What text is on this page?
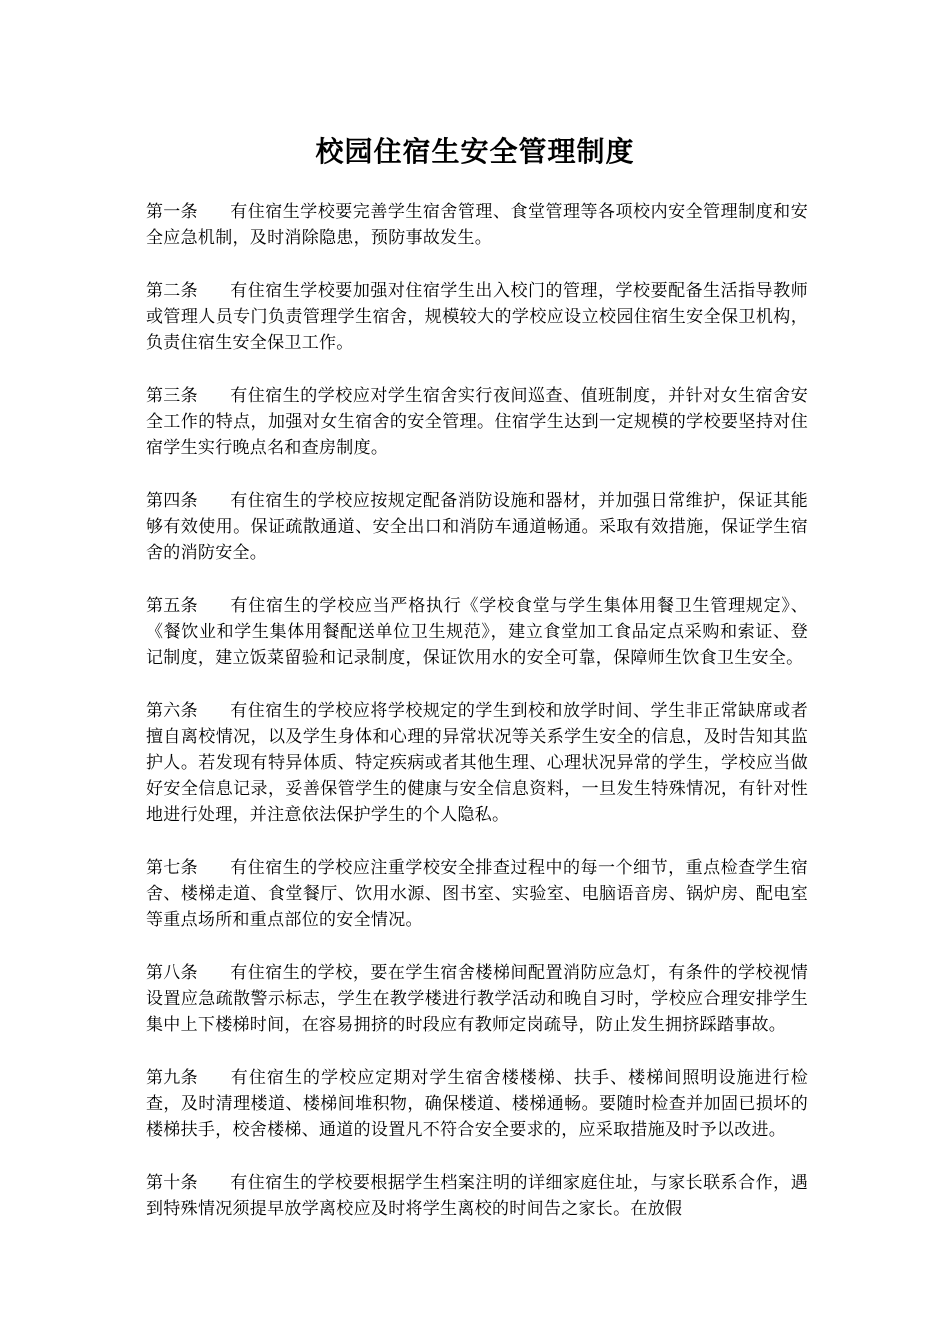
校园住宿生安全管理制度

第一条 有住宿生学校要完善学生宿舍管理、食堂管理等各项校内安全管理制度和安全应急机制，及时消除隐患，预防事故发生。

第二条 有住宿生学校要加强对住宿学生出入校门的管理，学校要配备生活指导教师或管理人员专门负责管理学生宿舍，规模较大的学校应设立校园住宿生安全保卫机构，负责住宿生安全保卫工作。

第三条 有住宿生的学校应对学生宿舍实行夜间巡查、值班制度，并针对女生宿舍安全工作的特点，加强对女生宿舍的安全管理。住宿学生达到一定规模的学校要坚持对住宿学生实行晚点名和查房制度。

第四条 有住宿生的学校应按规定配备消防设施和器材，并加强日常维护，保证其能够有效使用。保证疏散通道、安全出口和消防车通道畅通。采取有效措施，保证学生宿舍的消防安全。

第五条 有住宿生的学校应当严格执行《学校食堂与学生集体用餐卫生管理规定》、《餐饮业和学生集体用餐配送单位卫生规范》，建立食堂加工食品定点采购和索证、登记制度，建立饭菜留验和记录制度，保证饮用水的安全可靠，保障师生饮食卫生安全。

第六条 有住宿生的学校应将学校规定的学生到校和放学时间、学生非正常缺席或者擅自离校情况，以及学生身体和心理的异常状况等关系学生安全的信息，及时告知其监护人。若发现有特异体质、特定疾病或者其他生理、心理状况异常的学生，学校应当做好安全信息记录，妥善保管学生的健康与安全信息资料，一旦发生特殊情况，有针对性地进行处理，并注意依法保护学生的个人隐私。

第七条 有住宿生的学校应注重学校安全排查过程中的每一个细节，重点检查学生宿舍、楼梯走道、食堂餐厅、饮用水源、图书室、实验室、电脑语音房、锅炉房、配电室等重点场所和重点部位的安全情况。

第八条 有住宿生的学校，要在学生宿舍楼梯间配置消防应急灯，有条件的学校视情设置应急疏散警示标志，学生在教学楼进行教学活动和晚自习时，学校应合理安排学生集中上下楼梯时间，在容易拥挤的时段应有教师定岗疏导，防止发生拥挤踩踏事故。

第九条 有住宿生的学校应定期对学生宿舍楼楼梯、扶手、楼梯间照明设施进行检查，及时清理楼道、楼梯间堆积物，确保楼道、楼梯通畅。要随时检查并加固已损坏的楼梯扶手，校舍楼梯、通道的设置凡不符合安全要求的，应采取措施及时予以改进。

第十条 有住宿生的学校要根据学生档案注明的详细家庭住址，与家长联系合作，遇到特殊情况须提早放学离校应及时将学生离校的时间告之家长。在放假
